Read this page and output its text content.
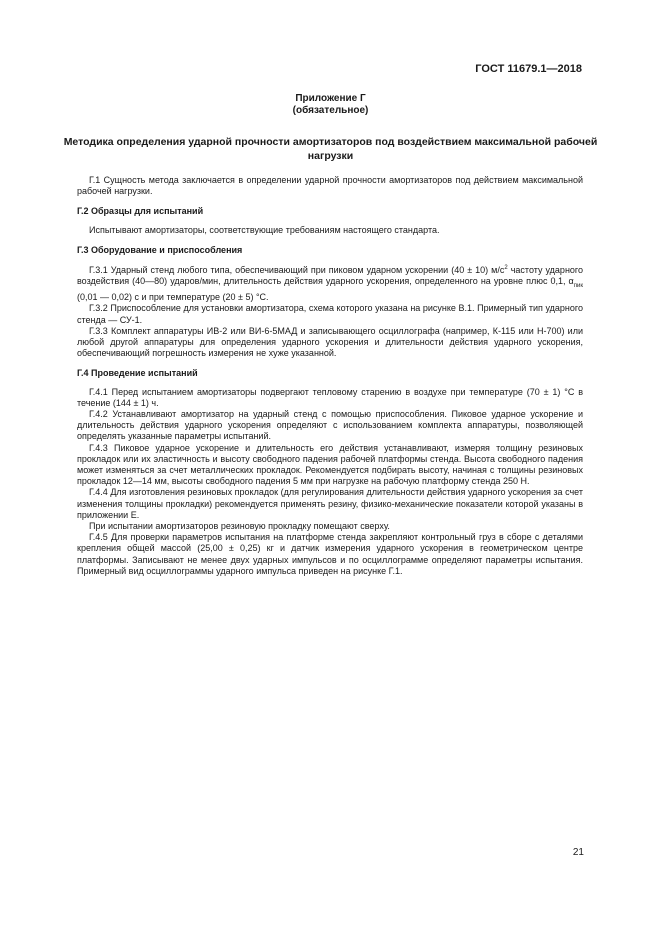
ГОСТ 11679.1—2018
Приложение Г
(обязательное)
Методика определения ударной прочности амортизаторов под воздействием максимальной рабочей нагрузки

Г.1 Сущность метода заключается в определении ударной прочности амортизаторов под действием максимальной рабочей нагрузки.

Г.2 Образцы для испытаний

Испытывают амортизаторы, соответствующие требованиям настоящего стандарта.

Г.3 Оборудование и приспособления

Г.3.1 Ударный стенд любого типа, обеспечивающий при пиковом ударном ускорении (40 ± 10) $м/с^2$ частоту ударного воздействия (40—80) ударов/мин, длительность действия ударного ускорения, определенного на уровне плюс 0,1, $\alpha_{пик}$ (0,01 — 0,02) с и при температуре (20 ± 5) °С.

Г.3.2 Приспособление для установки амортизатора, схема которого указана на рисунке В.1. Примерный тип ударного стенда — СУ-1.

Г.3.3 Комплект аппаратуры ИВ-2 или ВИ-6-5МАД и записывающего осциллографа (например, К-115 или Н-700) или любой другой аппаратуры для определения ударного ускорения и длительности действия ударного ускорения, обеспечивающий погрешность измерения не хуже указанной.

Г.4 Проведение испытаний

Г.4.1 Перед испытанием амортизаторы подвергают тепловому старению в воздухе при температуре (70 ± 1) °С в течение (144 ± 1) ч.

Г.4.2 Устанавливают амортизатор на ударный стенд с помощью приспособления. Пиковое ударное ускорение и длительность действия ударного ускорения определяют с использованием комплекта аппаратуры, позволяющей определять указанные параметры испытаний.

Г.4.3 Пиковое ударное ускорение и длительность его действия устанавливают, измеряя толщину резиновых прокладок или их эластичность и высоту свободного падения рабочей платформы стенда. Высота свободного падения может изменяться за счет металлических прокладок. Рекомендуется подбирать высоту, начиная с толщины резиновых прокладок 12—14 мм, высоты свободного падения 5 мм при нагрузке на рабочую платформу стенда 250 Н.

Г.4.4 Для изготовления резиновых прокладок (для регулирования длительности действия ударного ускорения за счет изменения толщины прокладки) рекомендуется применять резину, физико-механические показатели которой указаны в приложении Е.

При испытании амортизаторов резиновую прокладку помещают сверху.

Г.4.5 Для проверки параметров испытания на платформе стенда закрепляют контрольный груз в сборе с деталями крепления общей массой (25,00 ± 0,25) кг и датчик измерения ударного ускорения в геометрическом центре платформы. Записывают не менее двух ударных импульсов и по осциллограмме определяют параметры испытания. Примерный вид осциллограммы ударного импульса приведен на рисунке Г.1.

21
